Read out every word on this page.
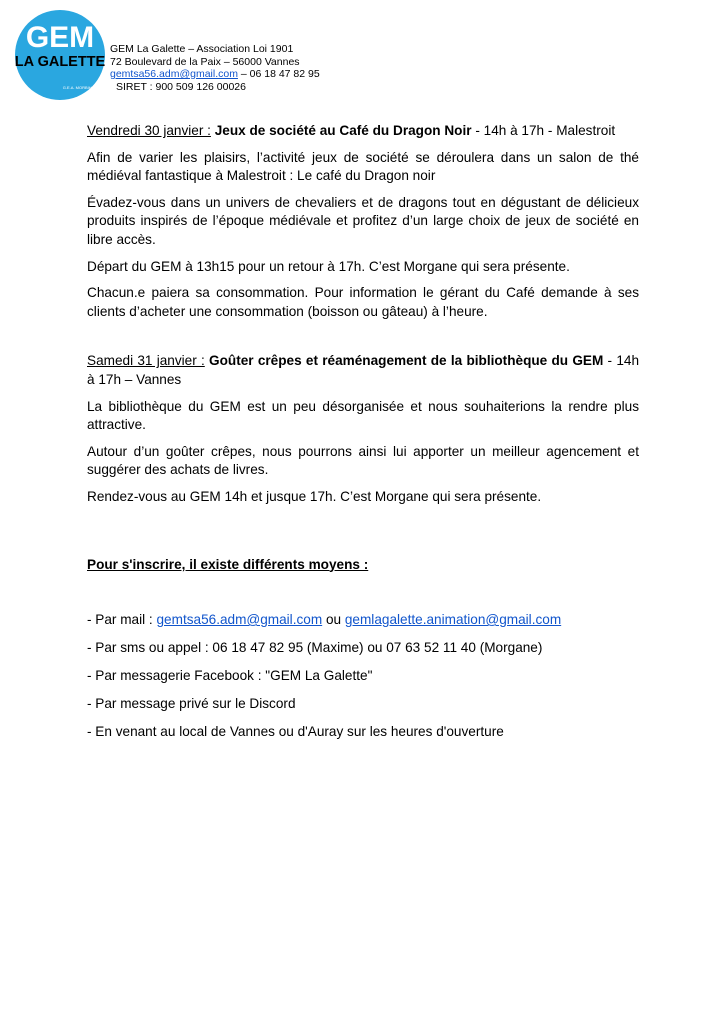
GEM
LA GALETTE
G.E.A. MORBIHAN
GEM La Galette – Association Loi 1901
72 Boulevard de la Paix – 56000 Vannes
gemtsa56.adm@gmail.com – 06 18 47 82 95
SIRET : 900 509 126 00026

Vendredi 30 janvier : Jeux de société au Café du Dragon Noir - 14h à 17h - Malestroit

Afin de varier les plaisirs, l’activité jeux de société se déroulera dans un salon de thé médiéval fantastique à Malestroit : Le café du Dragon noir

Évadez-vous dans un univers de chevaliers et de dragons tout en dégustant de délicieux produits inspirés de l’époque médiévale et profitez d’un large choix de jeux de société en libre accès.

Départ du GEM à 13h15 pour un retour à 17h. C’est Morgane qui sera présente.

Chacun.e paiera sa consommation. Pour information le gérant du Café demande à ses clients d’acheter une consommation (boisson ou gâteau) à l’heure.

Samedi 31 janvier : Goûter crêpes et réaménagement de la bibliothèque du GEM - 14h à 17h – Vannes

La bibliothèque du GEM est un peu désorganisée et nous souhaiterions la rendre plus attractive.

Autour d’un goûter crêpes, nous pourrons ainsi lui apporter un meilleur agencement et suggérer des achats de livres.

Rendez-vous au GEM 14h et jusque 17h. C’est Morgane qui sera présente.

Pour s'inscrire, il existe différents moyens :

- Par mail : gemtsa56.adm@gmail.com ou gemlagalette.animation@gmail.com

- Par sms ou appel : 06 18 47 82 95 (Maxime) ou 07 63 52 11 40 (Morgane)

- Par messagerie Facebook : "GEM La Galette"

- Par message privé sur le Discord

- En venant au local de Vannes ou d'Auray sur les heures d'ouverture
